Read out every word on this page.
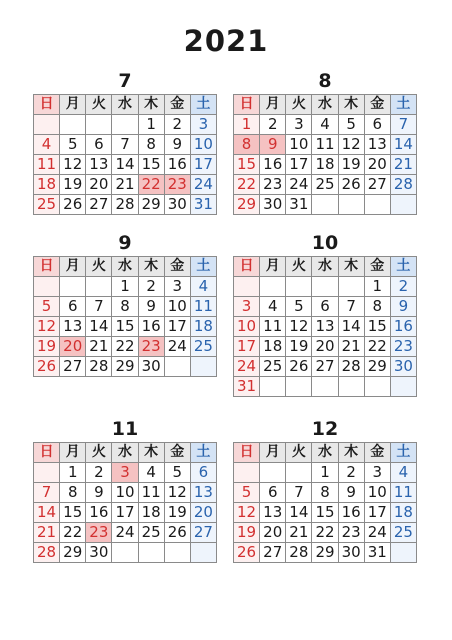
2021
7
日	月	火	水	木	金	土
				1	2	3
4	5	6	7	8	9	10
11	12	13	14	15	16	17
18	19	20	21	22	23	24
25	26	27	28	29	30	31
8
日	月	火	水	木	金	土
1	2	3	4	5	6	7
8	9	10	11	12	13	14
15	16	17	18	19	20	21
22	23	24	25	26	27	28
29	30	31				
9
日	月	火	水	木	金	土
			1	2	3	4
5	6	7	8	9	10	11
12	13	14	15	16	17	18
19	20	21	22	23	24	25
26	27	28	29	30		
10
日	月	火	水	木	金	土
					1	2
3	4	5	6	7	8	9
10	11	12	13	14	15	16
17	18	19	20	21	22	23
24	25	26	27	28	29	30
31						
11
日	月	火	水	木	金	土
	1	2	3	4	5	6
7	8	9	10	11	12	13
14	15	16	17	18	19	20
21	22	23	24	25	26	27
28	29	30				
12
日	月	火	水	木	金	土
			1	2	3	4
5	6	7	8	9	10	11
12	13	14	15	16	17	18
19	20	21	22	23	24	25
26	27	28	29	30	31	
